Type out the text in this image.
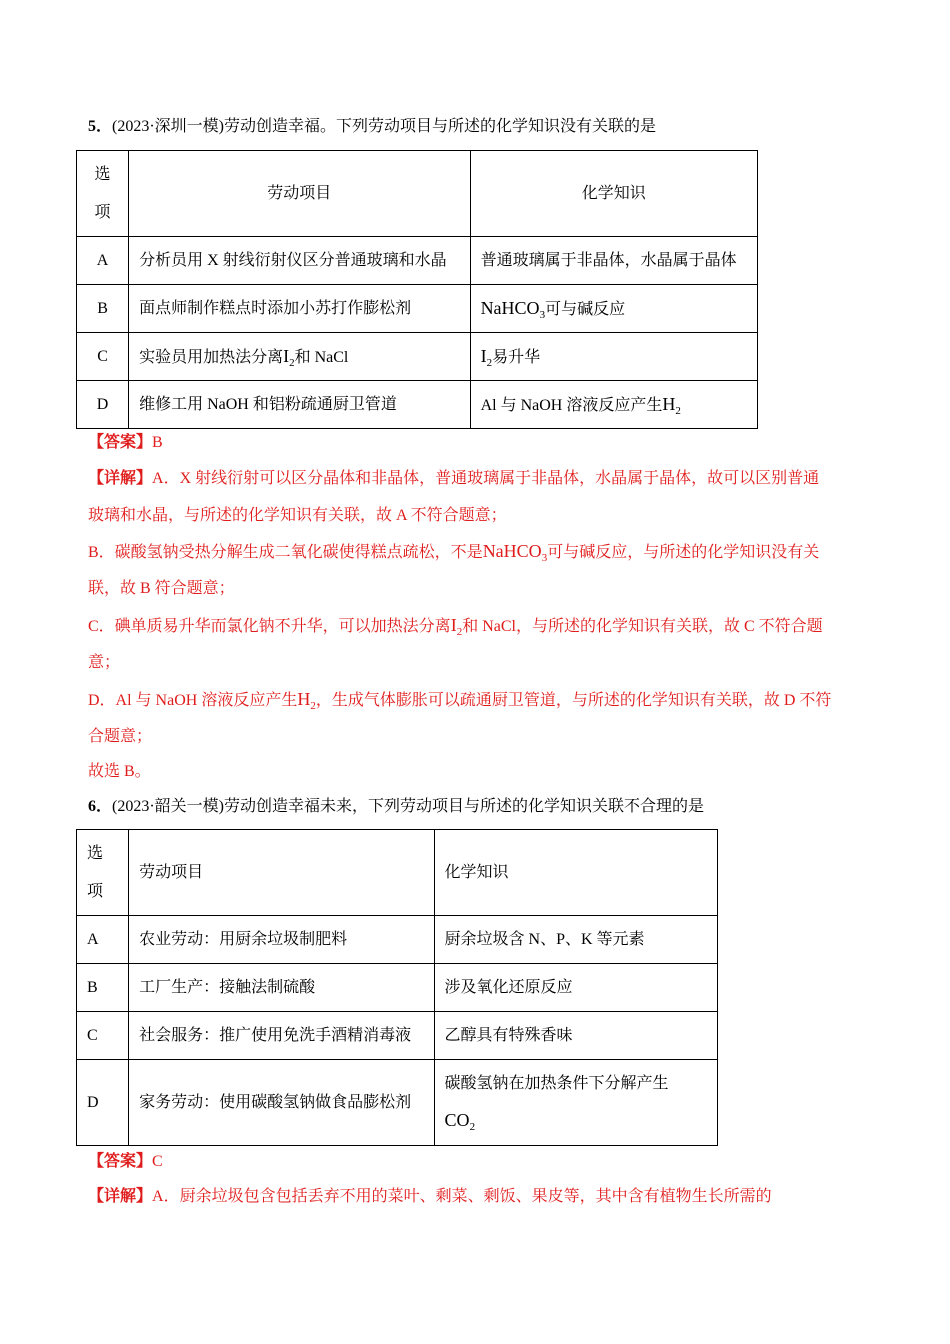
5．(2023·深圳一模)劳动创造幸福。下列劳动项目与所述的化学知识没有关联的是
选
项	劳动项目	化学知识
A	分析员用 X 射线衍射仪区分普通玻璃和水晶	普通玻璃属于非晶体，水晶属于晶体
B	面点师制作糕点时添加小苏打作膨松剂	NaHCO$_3$可与碱反应
C	实验员用加热法分离$I_2$和 NaCl	$I_2$易升华
D	维修工用 NaOH 和铝粉疏通厨卫管道	Al 与 NaOH 溶液反应产生$H_2$
【答案】B
【详解】A．X 射线衍射可以区分晶体和非晶体，普通玻璃属于非晶体，水晶属于晶体，故可以区别普通
玻璃和水晶，与所述的化学知识有关联，故 A 不符合题意；
B．碳酸氢钠受热分解生成二氧化碳使得糕点疏松，不是NaHCO$_3$可与碱反应，与所述的化学知识没有关
联，故 B 符合题意；
C．碘单质易升华而氯化钠不升华，可以加热法分离$I_2$和 NaCl，与所述的化学知识有关联，故 C 不符合题
意；
D．Al 与 NaOH 溶液反应产生$H_2$，生成气体膨胀可以疏通厨卫管道，与所述的化学知识有关联，故 D 不符
合题意；
故选 B。
6．(2023·韶关一模)劳动创造幸福未来，下列劳动项目与所述的化学知识关联不合理的是
选
项	劳动项目	化学知识
A	农业劳动：用厨余垃圾制肥料	厨余垃圾含 N、P、K 等元素
B	工厂生产：接触法制硫酸	涉及氧化还原反应
C	社会服务：推广使用免洗手酒精消毒液	乙醇具有特殊香味
D	家务劳动：使用碳酸氢钠做食品膨松剂	碳酸氢钠在加热条件下分解产生
$CO_2$
【答案】C
【详解】A．厨余垃圾包含包括丢弃不用的菜叶、剩菜、剩饭、果皮等，其中含有植物生长所需的
